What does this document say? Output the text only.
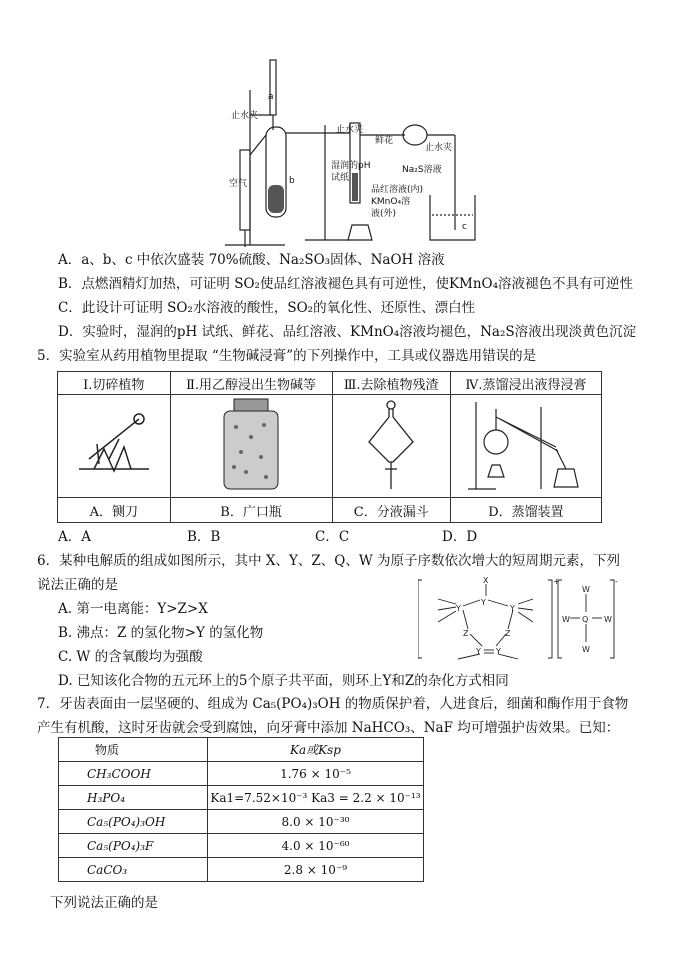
a
止水夹
空气	b
止水夹
鲜花
止水夹
Na₂S溶液
湿润的pH
试纸
品红溶液(内)
KMnO₄溶
液(外)
c
A．a、b、c 中依次盛装 70%硫酸、Na₂SO₃固体、NaOH 溶液
B．点燃酒精灯加热，可证明 SO₂使品红溶液褪色具有可逆性，使KMnO₄溶液褪色不具有可逆性
C．此设计可证明 SO₂水溶液的酸性，SO₂的氧化性、还原性、漂白性
D．实验时，湿润的pH 试纸、鲜花、品红溶液、KMnO₄溶液均褪色，Na₂S溶液出现淡黄色沉淀
5．实验室从药用植物里提取 “生物碱浸膏”的下列操作中，工具或仪器选用错误的是
Ⅰ.切碎植物	Ⅱ.用乙醇浸出生物碱等	Ⅲ.去除植物残渣	Ⅳ.蒸馏浸出液得浸膏

A．铡刀	B．广口瓶	C．分液漏斗	D．蒸馏装置
A．A	B．B	C．C	D．D
6．某种电解质的组成如图所示，其中 X、Y、Z、Q、W 为原子序数依次增大的短周期元素，下列
说法正确的是
A. 第一电离能：Y>Z>X
B. 沸点：Z 的氢化物>Y 的氢化物
C. W 的含氧酸均为强酸
D. 已知该化合物的五元环上的5个原子共平面，则环上Y和Z的杂化方式相同
X
Y
Y	Y
Z	Z
Y Y
Q
W
W
W	W
+	-
7．牙齿表面由一层坚硬的、组成为 Ca₅(PO₄)₃OH 的物质保护着，人进食后，细菌和酶作用于食物
产生有机酸，这时牙齿就会受到腐蚀，向牙膏中添加 NaHCO₃、NaF 均可增强护齿效果。已知：
物质	Ka或Ksp
CH₃COOH	1.76 × 10⁻⁵
H₃PO₄	Ka1=7.52×10⁻³ Ka3 = 2.2 × 10⁻¹³
Ca₅(PO₄)₃OH	8.0 × 10⁻³⁰
Ca₅(PO₄)₃F	4.0 × 10⁻⁶⁰
CaCO₃	2.8 × 10⁻⁹
下列说法正确的是
